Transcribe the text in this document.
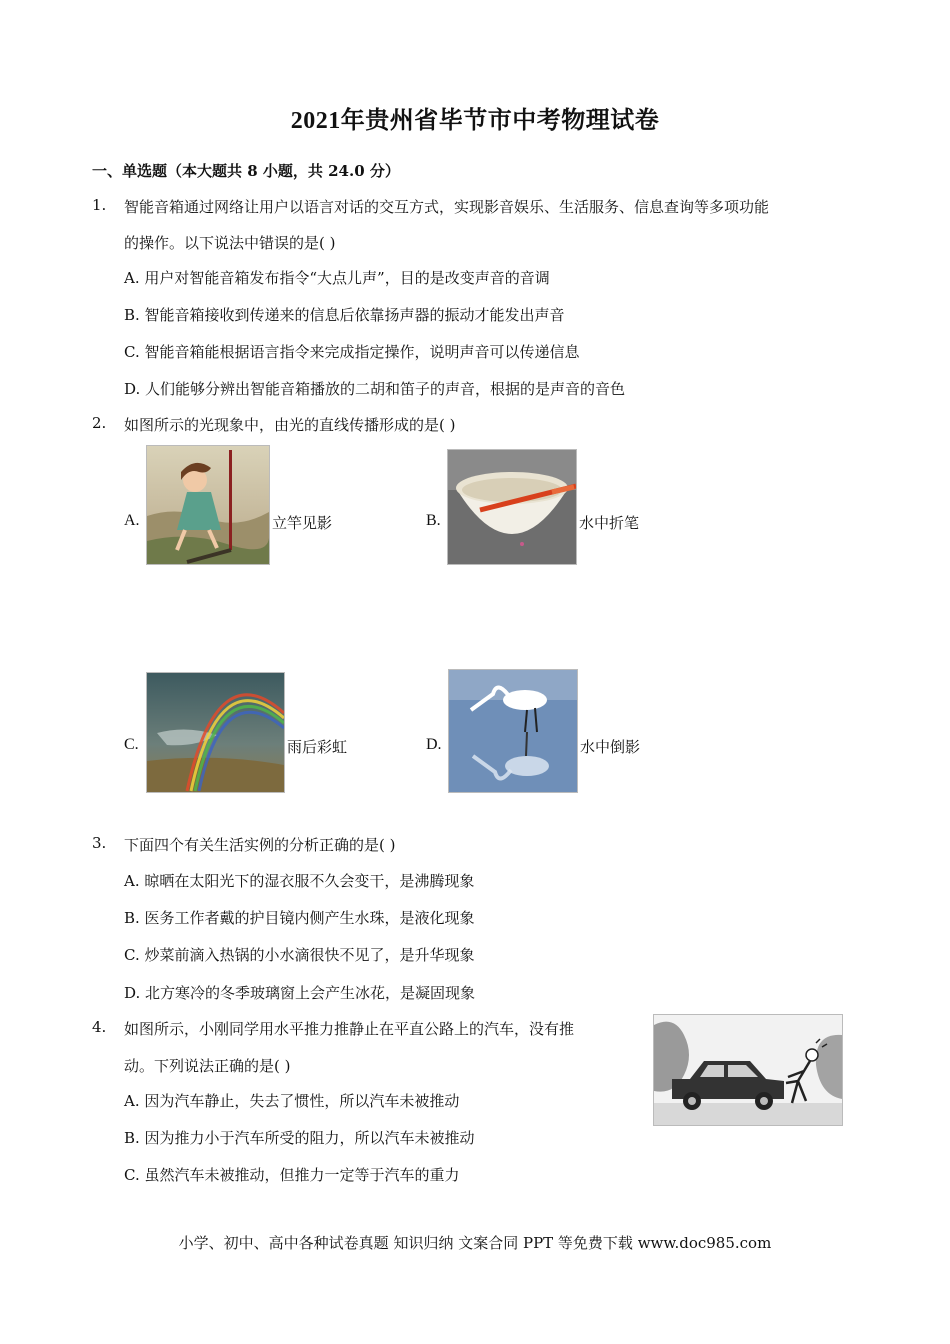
2021年贵州省毕节市中考物理试卷
一、单选题（本大题共 8 小题，共 24.0 分）
1.	智能音箱通过网络让用户以语言对话的交互方式，实现影音娱乐、生活服务、信息查询等多项功能
的操作。以下说法中错误的是( )
A. 用户对智能音箱发布指令“大点儿声”，目的是改变声音的音调
B. 智能音箱接收到传递来的信息后依靠扬声器的振动才能发出声音
C. 智能音箱能根据语言指令来完成指定操作，说明声音可以传递信息
D. 人们能够分辨出智能音箱播放的二胡和笛子的声音，根据的是声音的音色
2.	如图所示的光现象中，由光的直线传播形成的是( )
A.	立竿见影	B.	水中折笔
C.	雨后彩虹	D.	水中倒影
3.	下面四个有关生活实例的分析正确的是( )
A. 晾晒在太阳光下的湿衣服不久会变干，是沸腾现象
B. 医务工作者戴的护目镜内侧产生水珠，是液化现象
C. 炒菜前滴入热锅的小水滴很快不见了，是升华现象
D. 北方寒冷的冬季玻璃窗上会产生冰花，是凝固现象
4.	如图所示，小刚同学用水平推力推静止在平直公路上的汽车，没有推
动。下列说法正确的是( )
A. 因为汽车静止，失去了惯性，所以汽车未被推动
B. 因为推力小于汽车所受的阻力，所以汽车未被推动
C. 虽然汽车未被推动，但推力一定等于汽车的重力
小学、初中、高中各种试卷真题 知识归纳 文案合同 PPT 等免费下载 www.doc985.com
